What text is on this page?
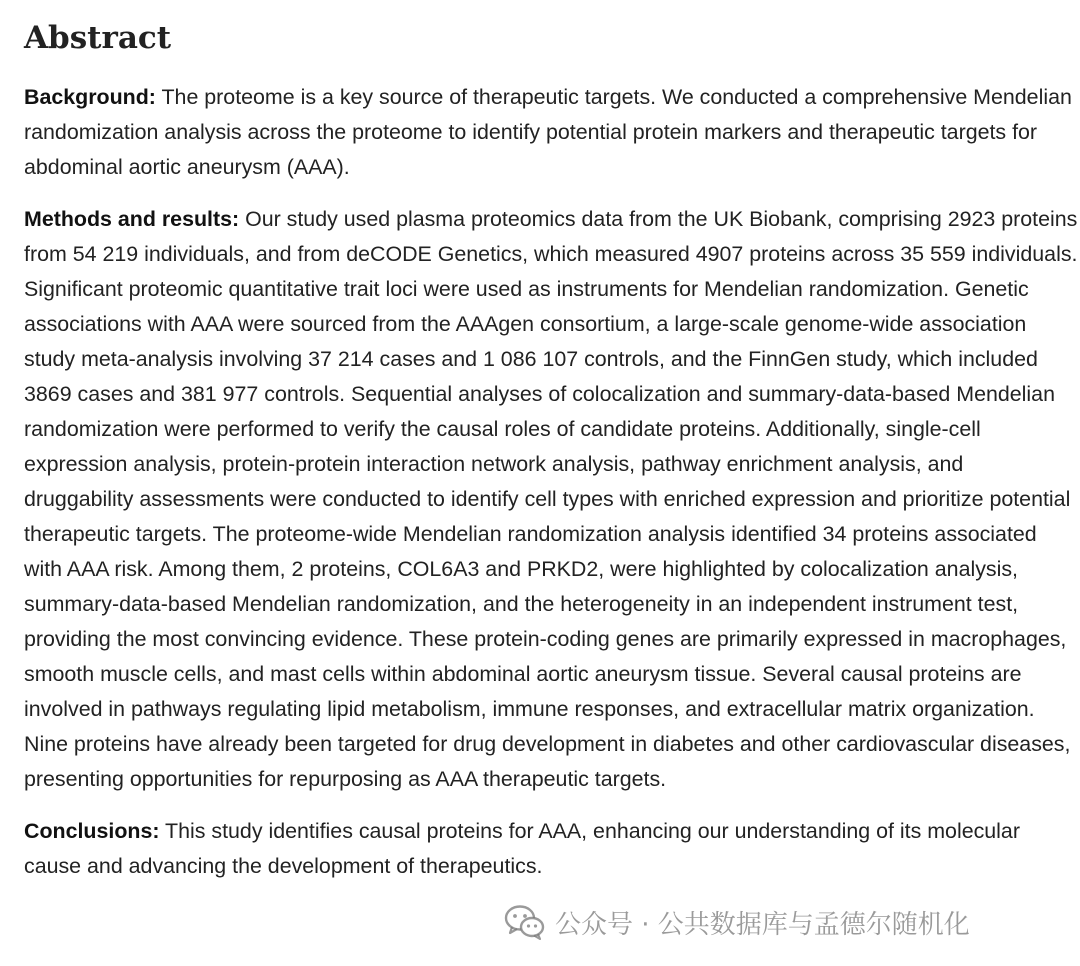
Abstract

Background: The proteome is a key source of therapeutic targets. We conducted a comprehensive Mendelian randomization analysis across the proteome to identify potential protein markers and therapeutic targets for abdominal aortic aneurysm (AAA).

Methods and results: Our study used plasma proteomics data from the UK Biobank, comprising 2923 proteins from 54 219 individuals, and from deCODE Genetics, which measured 4907 proteins across 35 559 individuals. Significant proteomic quantitative trait loci were used as instruments for Mendelian randomization. Genetic associations with AAA were sourced from the AAAgen consortium, a large-scale genome-wide association study meta-analysis involving 37 214 cases and 1 086 107 controls, and the FinnGen study, which included 3869 cases and 381 977 controls. Sequential analyses of colocalization and summary-data-based Mendelian randomization were performed to verify the causal roles of candidate proteins. Additionally, single-cell expression analysis, protein-protein interaction network analysis, pathway enrichment analysis, and druggability assessments were conducted to identify cell types with enriched expression and prioritize potential therapeutic targets. The proteome-wide Mendelian randomization analysis identified 34 proteins associated with AAA risk. Among them, 2 proteins, COL6A3 and PRKD2, were highlighted by colocalization analysis, summary-data-based Mendelian randomization, and the heterogeneity in an independent instrument test, providing the most convincing evidence. These protein-coding genes are primarily expressed in macrophages, smooth muscle cells, and mast cells within abdominal aortic aneurysm tissue. Several causal proteins are involved in pathways regulating lipid metabolism, immune responses, and extracellular matrix organization. Nine proteins have already been targeted for drug development in diabetes and other cardiovascular diseases, presenting opportunities for repurposing as AAA therapeutic targets.

Conclusions: This study identifies causal proteins for AAA, enhancing our understanding of its molecular cause and advancing the development of therapeutics.

公众号 · 公共数据库与孟德尔随机化
